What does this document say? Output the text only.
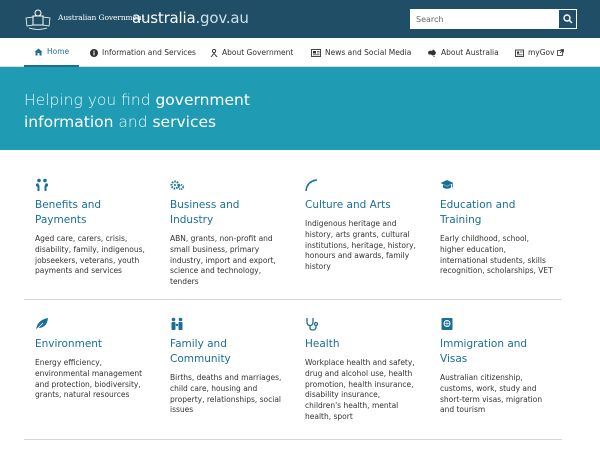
Australian Government
australia.gov.au
Search
Home	Information and Services	About Government	News and Social Media	About Australia	myGov
Helping you find government
information and services
Benefits and
Payments
Aged care, carers, crisis,
disability, family, indigenous,
jobseekers, veterans, youth
payments and services
Business and
Industry
ABN, grants, non-profit and
small business, primary
industry, import and export,
science and technology,
tenders
Culture and Arts
Indigenous heritage and
history, arts grants, cultural
institutions, heritage, history,
honours and awards, family
history
Education and
Training
Early childhood, school,
higher education,
international students, skills
recognition, scholarships, VET
Environment
Energy efficiency,
environmental management
and protection, biodiversity,
grants, natural resources
Family and
Community
Births, deaths and marriages,
child care, housing and
property, relationships, social
issues
Health
Workplace health and safety,
drug and alcohol use, health
promotion, health insurance,
disability insurance,
children's health, mental
health, sport
Immigration and
Visas
Australian citizenship,
customs, work, study and
short-term visas, migration
and tourism
